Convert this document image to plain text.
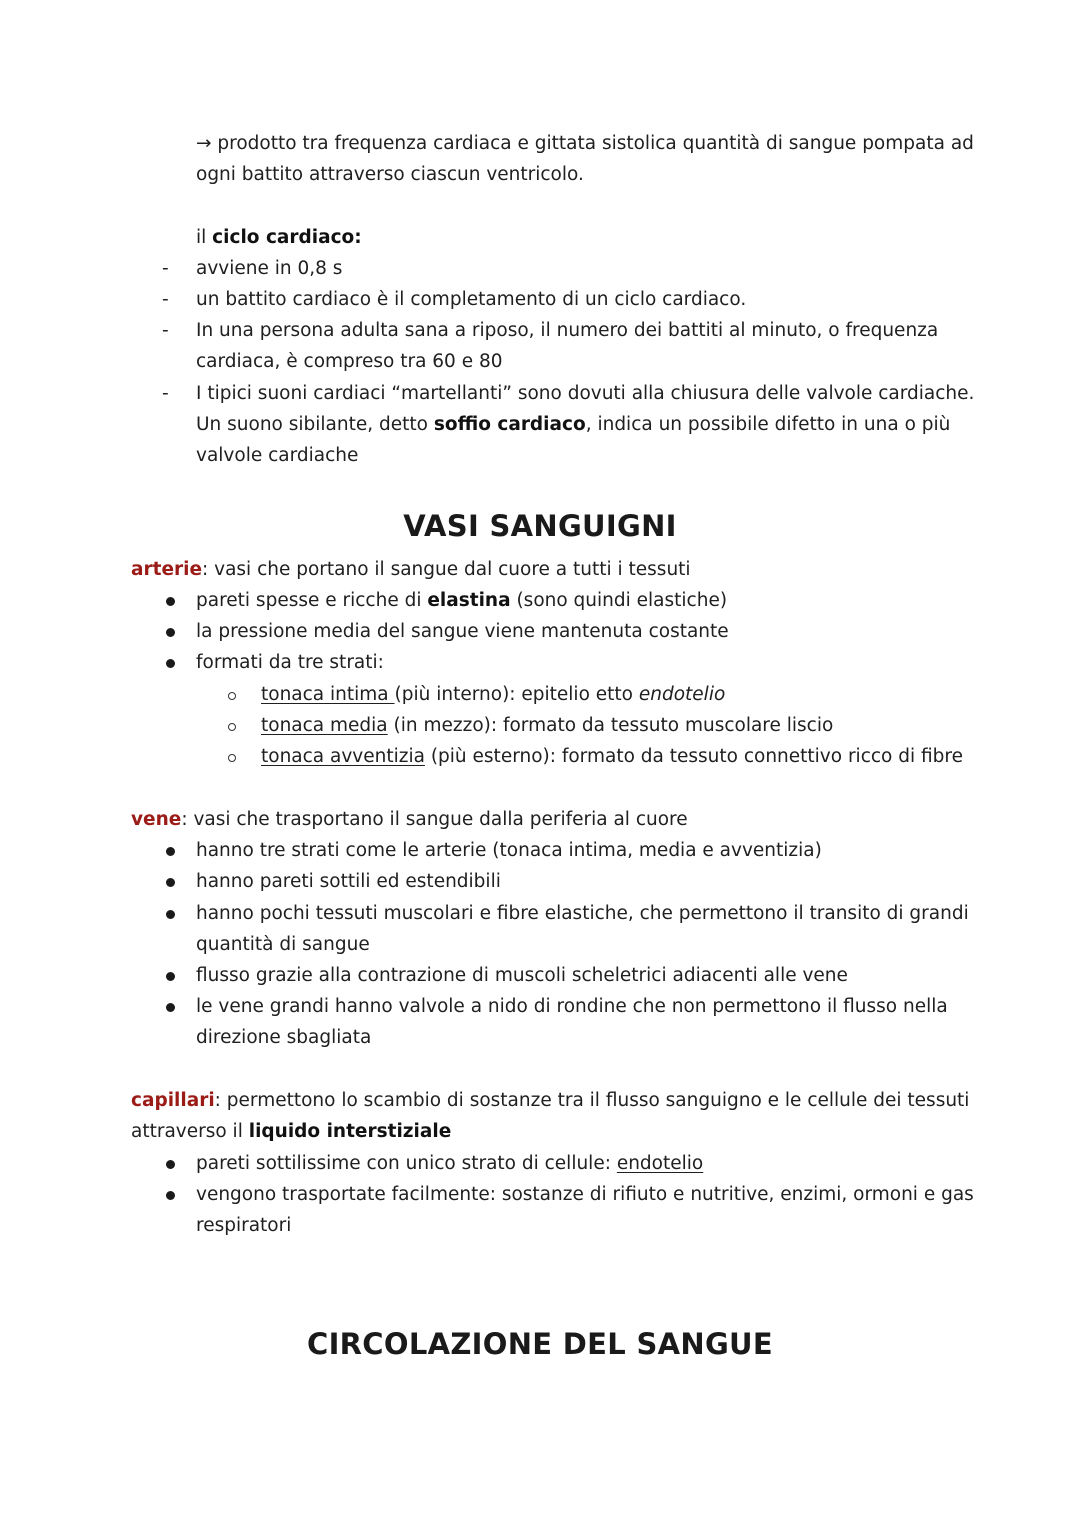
→ prodotto tra frequenza cardiaca e gittata sistolica quantità di sangue pompata ad
ogni battito attraverso ciascun ventricolo.
il ciclo cardiaco:
- avviene in 0,8 s
- un battito cardiaco è il completamento di un ciclo cardiaco.
- In una persona adulta sana a riposo, il numero dei battiti al minuto, o frequenza
cardiaca, è compreso tra 60 e 80
- I tipici suoni cardiaci “martellanti” sono dovuti alla chiusura delle valvole cardiache.
Un suono sibilante, detto soffio cardiaco, indica un possibile difetto in una o più
valvole cardiache
VASI SANGUIGNI
arterie: vasi che portano il sangue dal cuore a tutti i tessuti
pareti spesse e ricche di elastina (sono quindi elastiche)
la pressione media del sangue viene mantenuta costante
formati da tre strati:
tonaca intima (più interno): epitelio etto endotelio
tonaca media (in mezzo): formato da tessuto muscolare liscio
tonaca avventizia (più esterno): formato da tessuto connettivo ricco di fibre
vene: vasi che trasportano il sangue dalla periferia al cuore
hanno tre strati come le arterie (tonaca intima, media e avventizia)
hanno pareti sottili ed estendibili
hanno pochi tessuti muscolari e fibre elastiche, che permettono il transito di grandi
quantità di sangue
flusso grazie alla contrazione di muscoli scheletrici adiacenti alle vene
le vene grandi hanno valvole a nido di rondine che non permettono il flusso nella
direzione sbagliata
capillari: permettono lo scambio di sostanze tra il flusso sanguigno e le cellule dei tessuti
attraverso il liquido interstiziale
pareti sottilissime con unico strato di cellule: endotelio
vengono trasportate facilmente: sostanze di rifiuto e nutritive, enzimi, ormoni e gas
respiratori
CIRCOLAZIONE DEL SANGUE
